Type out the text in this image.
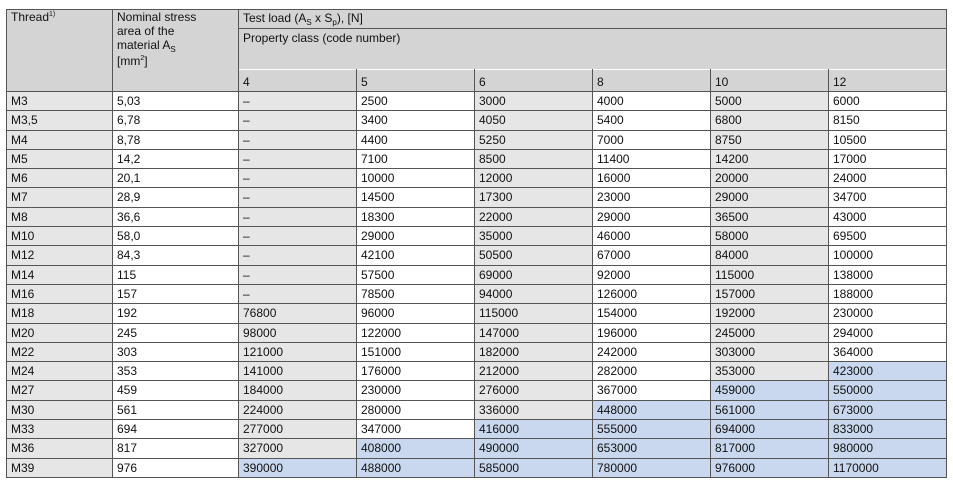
Thread$^{1)}$	Nominal stress
area of the
material $A_S$
$[mm^2]$	Test load ($A_S$ x $S_p$), [N]					

		Property class (code number)					

		4	5	6	8	10	12
M3	5,03	–	2500	3000	4000	5000	6000
M3,5	6,78	–	3400	4050	5400	6800	8150
M4	8,78	–	4400	5250	7000	8750	10500
M5	14,2	–	7100	8500	11400	14200	17000
M6	20,1	–	10000	12000	16000	20000	24000
M7	28,9	–	14500	17300	23000	29000	34700
M8	36,6	–	18300	22000	29000	36500	43000
M10	58,0	–	29000	35000	46000	58000	69500
M12	84,3	–	42100	50500	67000	84000	100000
M14	115	–	57500	69000	92000	115000	138000
M16	157	–	78500	94000	126000	157000	188000
M18	192	76800	96000	115000	154000	192000	230000
M20	245	98000	122000	147000	196000	245000	294000
M22	303	121000	151000	182000	242000	303000	364000
M24	353	141000	176000	212000	282000	353000	423000
M27	459	184000	230000	276000	367000	459000	550000
M30	561	224000	280000	336000	448000	561000	673000
M33	694	277000	347000	416000	555000	694000	833000
M36	817	327000	408000	490000	653000	817000	980000
M39	976	390000	488000	585000	780000	976000	1170000
